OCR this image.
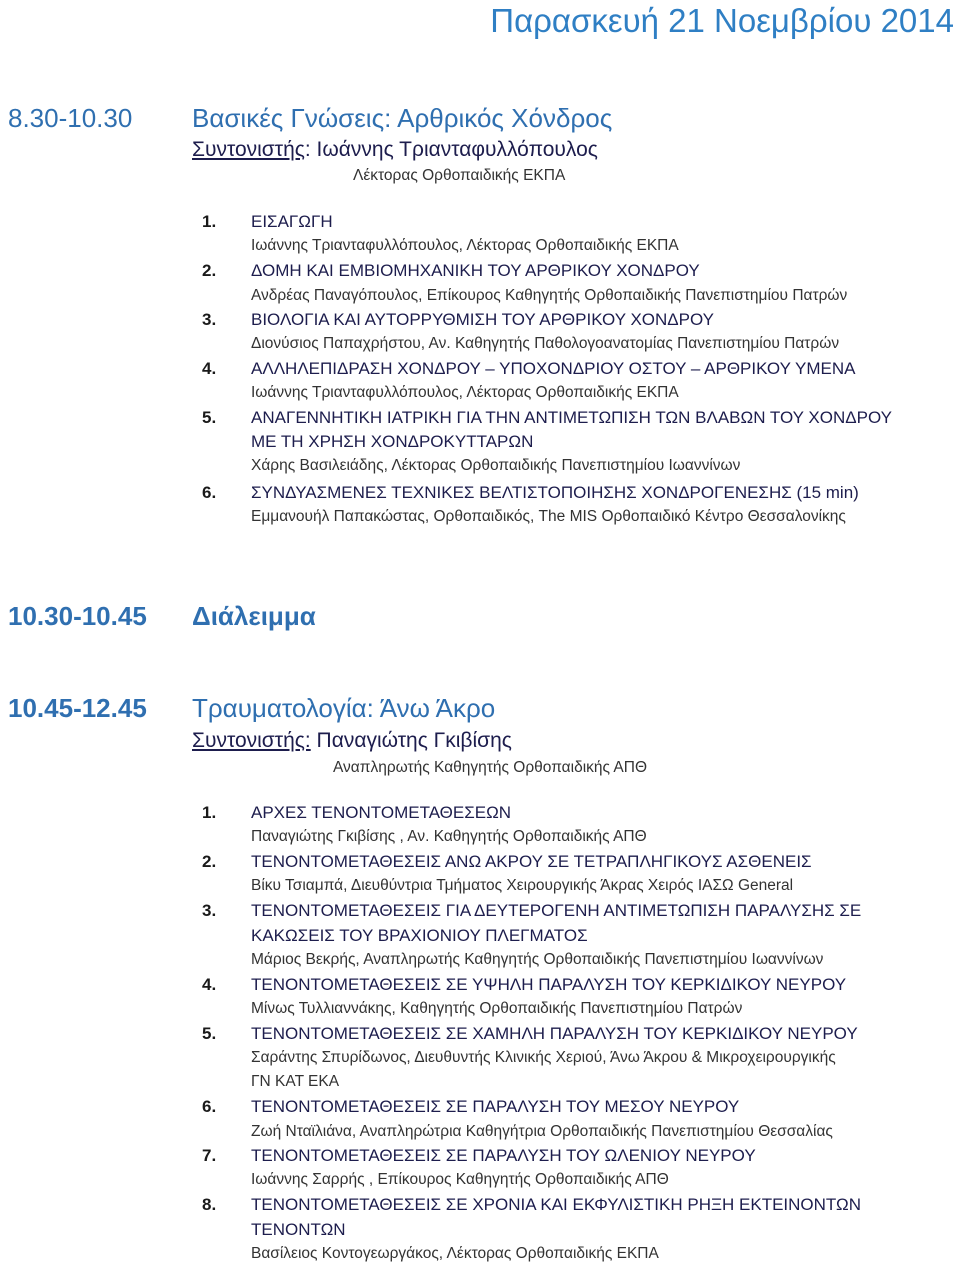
Παρασκευή 21 Νοεμβρίου 2014
8.30-10.30 Βασικές Γνώσεις: Αρθρικός Χόνδρος
Συντονιστής: Ιωάννης Τριανταφυλλόπουλος
Λέκτορας Ορθοπαιδικής ΕΚΠΑ
1.	ΕΙΣΑΓΩΓΗ
Ιωάννης Τριανταφυλλόπουλος, Λέκτορας Ορθοπαιδικής ΕΚΠΑ
2.	ΔΟΜΗ ΚΑΙ ΕΜΒΙΟΜΗΧΑΝΙΚΗ ΤΟΥ ΑΡΘΡΙΚΟΥ ΧΟΝΔΡΟΥ
Ανδρέας Παναγόπουλος, Επίκουρος Καθηγητής Ορθοπαιδικής Πανεπιστημίου Πατρών
3.	ΒΙΟΛΟΓΙΑ ΚΑΙ ΑΥΤΟΡΡΥΘΜΙΣΗ ΤΟΥ ΑΡΘΡΙΚΟΥ ΧΟΝΔΡΟΥ
Διονύσιος Παπαχρήστου, Αν. Καθηγητής Παθολογοανατομίας Πανεπιστημίου Πατρών
4.	ΑΛΛΗΛΕΠΙΔΡΑΣΗ ΧΟΝΔΡΟΥ – ΥΠΟΧΟΝΔΡΙΟΥ ΟΣΤΟΥ – ΑΡΘΡΙΚΟΥ ΥΜΕΝΑ
Ιωάννης Τριανταφυλλόπουλος, Λέκτορας Ορθοπαιδικής ΕΚΠΑ
5.	ΑΝΑΓΕΝΝΗΤΙΚΗ ΙΑΤΡΙΚΗ ΓΙΑ ΤΗΝ ΑΝΤΙΜΕΤΩΠΙΣΗ ΤΩΝ ΒΛΑΒΩΝ ΤΟΥ ΧΟΝΔΡΟΥ
ΜΕ ΤΗ ΧΡΗΣΗ ΧΟΝΔΡΟΚΥΤΤΑΡΩΝ
Χάρης Βασιλειάδης, Λέκτορας Ορθοπαιδικής Πανεπιστημίου Ιωαννίνων
6.	ΣΥΝΔΥΑΣΜΕΝΕΣ ΤΕΧΝΙΚΕΣ ΒΕΛΤΙΣΤΟΠΟΙΗΣΗΣ ΧΟΝΔΡΟΓΕΝΕΣΗΣ (15 min)
Εμμανουήλ Παπακώστας, Ορθοπαιδικός, The MIS Ορθοπαιδικό Κέντρο Θεσσαλονίκης
10.30-10.45 Διάλειμμα
10.45-12.45 Τραυματολογία: Άνω Άκρο
Συντονιστής: Παναγιώτης Γκιβίσης
Αναπληρωτής Καθηγητής Ορθοπαιδικής ΑΠΘ
1.	ΑΡΧΕΣ ΤΕΝΟΝΤΟΜΕΤΑΘΕΣΕΩΝ
Παναγιώτης Γκιβίσης , Αν. Καθηγητής Ορθοπαιδικής ΑΠΘ
2.	ΤΕΝΟΝΤΟΜΕΤΑΘΕΣΕΙΣ ΑΝΩ ΑΚΡΟΥ ΣΕ ΤΕΤΡΑΠΛΗΓΙΚΟΥΣ ΑΣΘΕΝΕΙΣ
Βίκυ Τσιαμπά, Διευθύντρια Τμήματος Χειρουργικής Άκρας Χειρός ΙΑΣΩ General
3.	ΤΕΝΟΝΤΟΜΕΤΑΘΕΣΕΙΣ ΓΙΑ ΔΕΥΤΕΡΟΓΕΝΗ ΑΝΤΙΜΕΤΩΠΙΣΗ ΠΑΡΑΛΥΣΗΣ ΣΕ
ΚΑΚΩΣΕΙΣ ΤΟΥ ΒΡΑΧΙΟΝΙΟΥ ΠΛΕΓΜΑΤΟΣ
Μάριος Βεκρής, Αναπληρωτής Καθηγητής Ορθοπαιδικής Πανεπιστημίου Ιωαννίνων
4.	ΤΕΝΟΝΤΟΜΕΤΑΘΕΣΕΙΣ ΣΕ ΥΨΗΛΗ ΠΑΡΑΛΥΣΗ ΤΟΥ ΚΕΡΚΙΔΙΚΟΥ ΝΕΥΡΟΥ
Μίνως Τυλλιαννάκης, Καθηγητής Ορθοπαιδικής Πανεπιστημίου Πατρών
5.	ΤΕΝΟΝΤΟΜΕΤΑΘΕΣΕΙΣ ΣΕ ΧΑΜΗΛΗ ΠΑΡΑΛΥΣΗ ΤΟΥ ΚΕΡΚΙΔΙΚΟΥ ΝΕΥΡΟΥ
Σαράντης Σπυρίδωνος, Διευθυντής Κλινικής Χεριού, Άνω Άκρου & Μικροχειρουργικής
ΓΝ ΚΑΤ ΕΚΑ
6.	ΤΕΝΟΝΤΟΜΕΤΑΘΕΣΕΙΣ ΣΕ ΠΑΡΑΛΥΣΗ ΤΟΥ ΜΕΣΟΥ ΝΕΥΡΟΥ
Ζωή Νταϊλιάνα, Αναπληρώτρια Καθηγήτρια Ορθοπαιδικής Πανεπιστημίου Θεσσαλίας
7.	ΤΕΝΟΝΤΟΜΕΤΑΘΕΣΕΙΣ ΣΕ ΠΑΡΑΛΥΣΗ ΤΟΥ ΩΛΕΝΙΟΥ ΝΕΥΡΟΥ
Ιωάννης Σαρρής , Επίκουρος Καθηγητής Ορθοπαιδικής ΑΠΘ
8.	ΤΕΝΟΝΤΟΜΕΤΑΘΕΣΕΙΣ ΣΕ ΧΡΟΝΙΑ ΚΑΙ ΕΚΦΥΛΙΣΤΙΚΗ ΡΗΞΗ ΕΚΤΕΙΝΟΝΤΩΝ
ΤΕΝΟΝΤΩΝ
Βασίλειος Κοντογεωργάκος, Λέκτορας Ορθοπαιδικής ΕΚΠΑ
